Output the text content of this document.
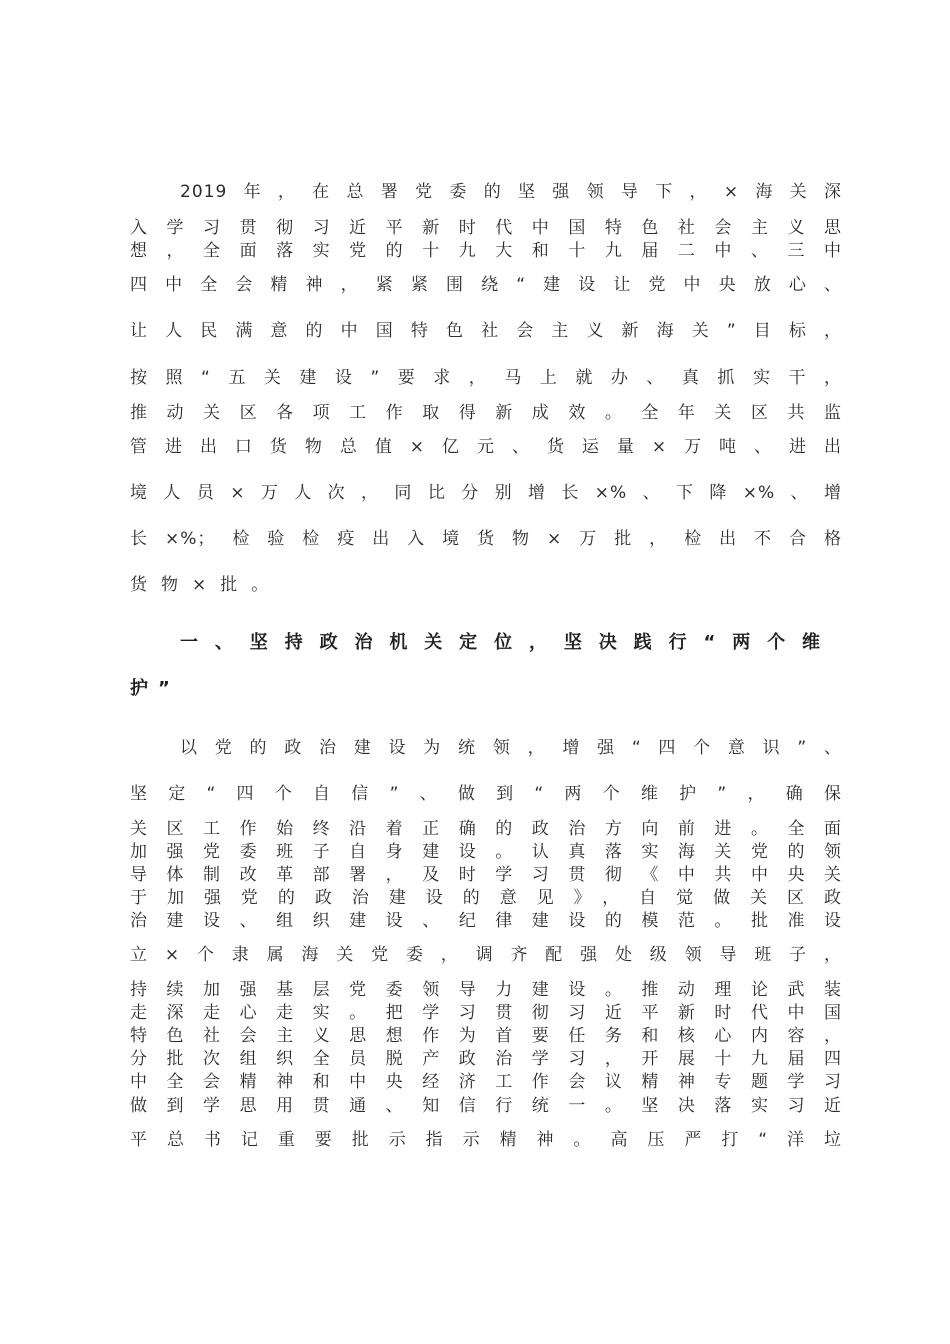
2019年，在总署党委的坚强领导下，×海关深
入学习贯彻习近平新时代中国特色社会主义思
想，全面落实党的十九大和十九届二中、三中
四中全会精神，紧紧围绕“建设让党中央放心、
让人民满意的中国特色社会主义新海关”目标，
按照“五关建设”要求，马上就办、真抓实干，
推动关区各项工作取得新成效。全年关区共监
管进出口货物总值×亿元、货运量×万吨、进出
境人员×万人次，同比分别增长×%、下降×%、增
长×%；检验检疫出入境货物×万批，检出不合格
货物×批。
一、坚持政治机关定位，坚决践行“两个维
护”
以党的政治建设为统领，增强“四个意识”、
坚定“四个自信”、做到“两个维护”，确保
关区工作始终沿着正确的政治方向前进。全面
加强党委班子自身建设。认真落实海关党的领
导体制改革部署，及时学习贯彻《中共中央关
于加强党的政治建设的意见》，自觉做关区政
治建设、组织建设、纪律建设的模范。批准设
立×个隶属海关党委，调齐配强处级领导班子，
持续加强基层党委领导力建设。推动理论武装
走深走心走实。把学习贯彻习近平新时代中国
特色社会主义思想作为首要任务和核心内容，
分批次组织全员脱产政治学习，开展十九届四
中全会精神和中央经济工作会议精神专题学习
做到学思用贯通、知信行统一。坚决落实习近
平总书记重要批示指示精神。高压严打“洋垃
